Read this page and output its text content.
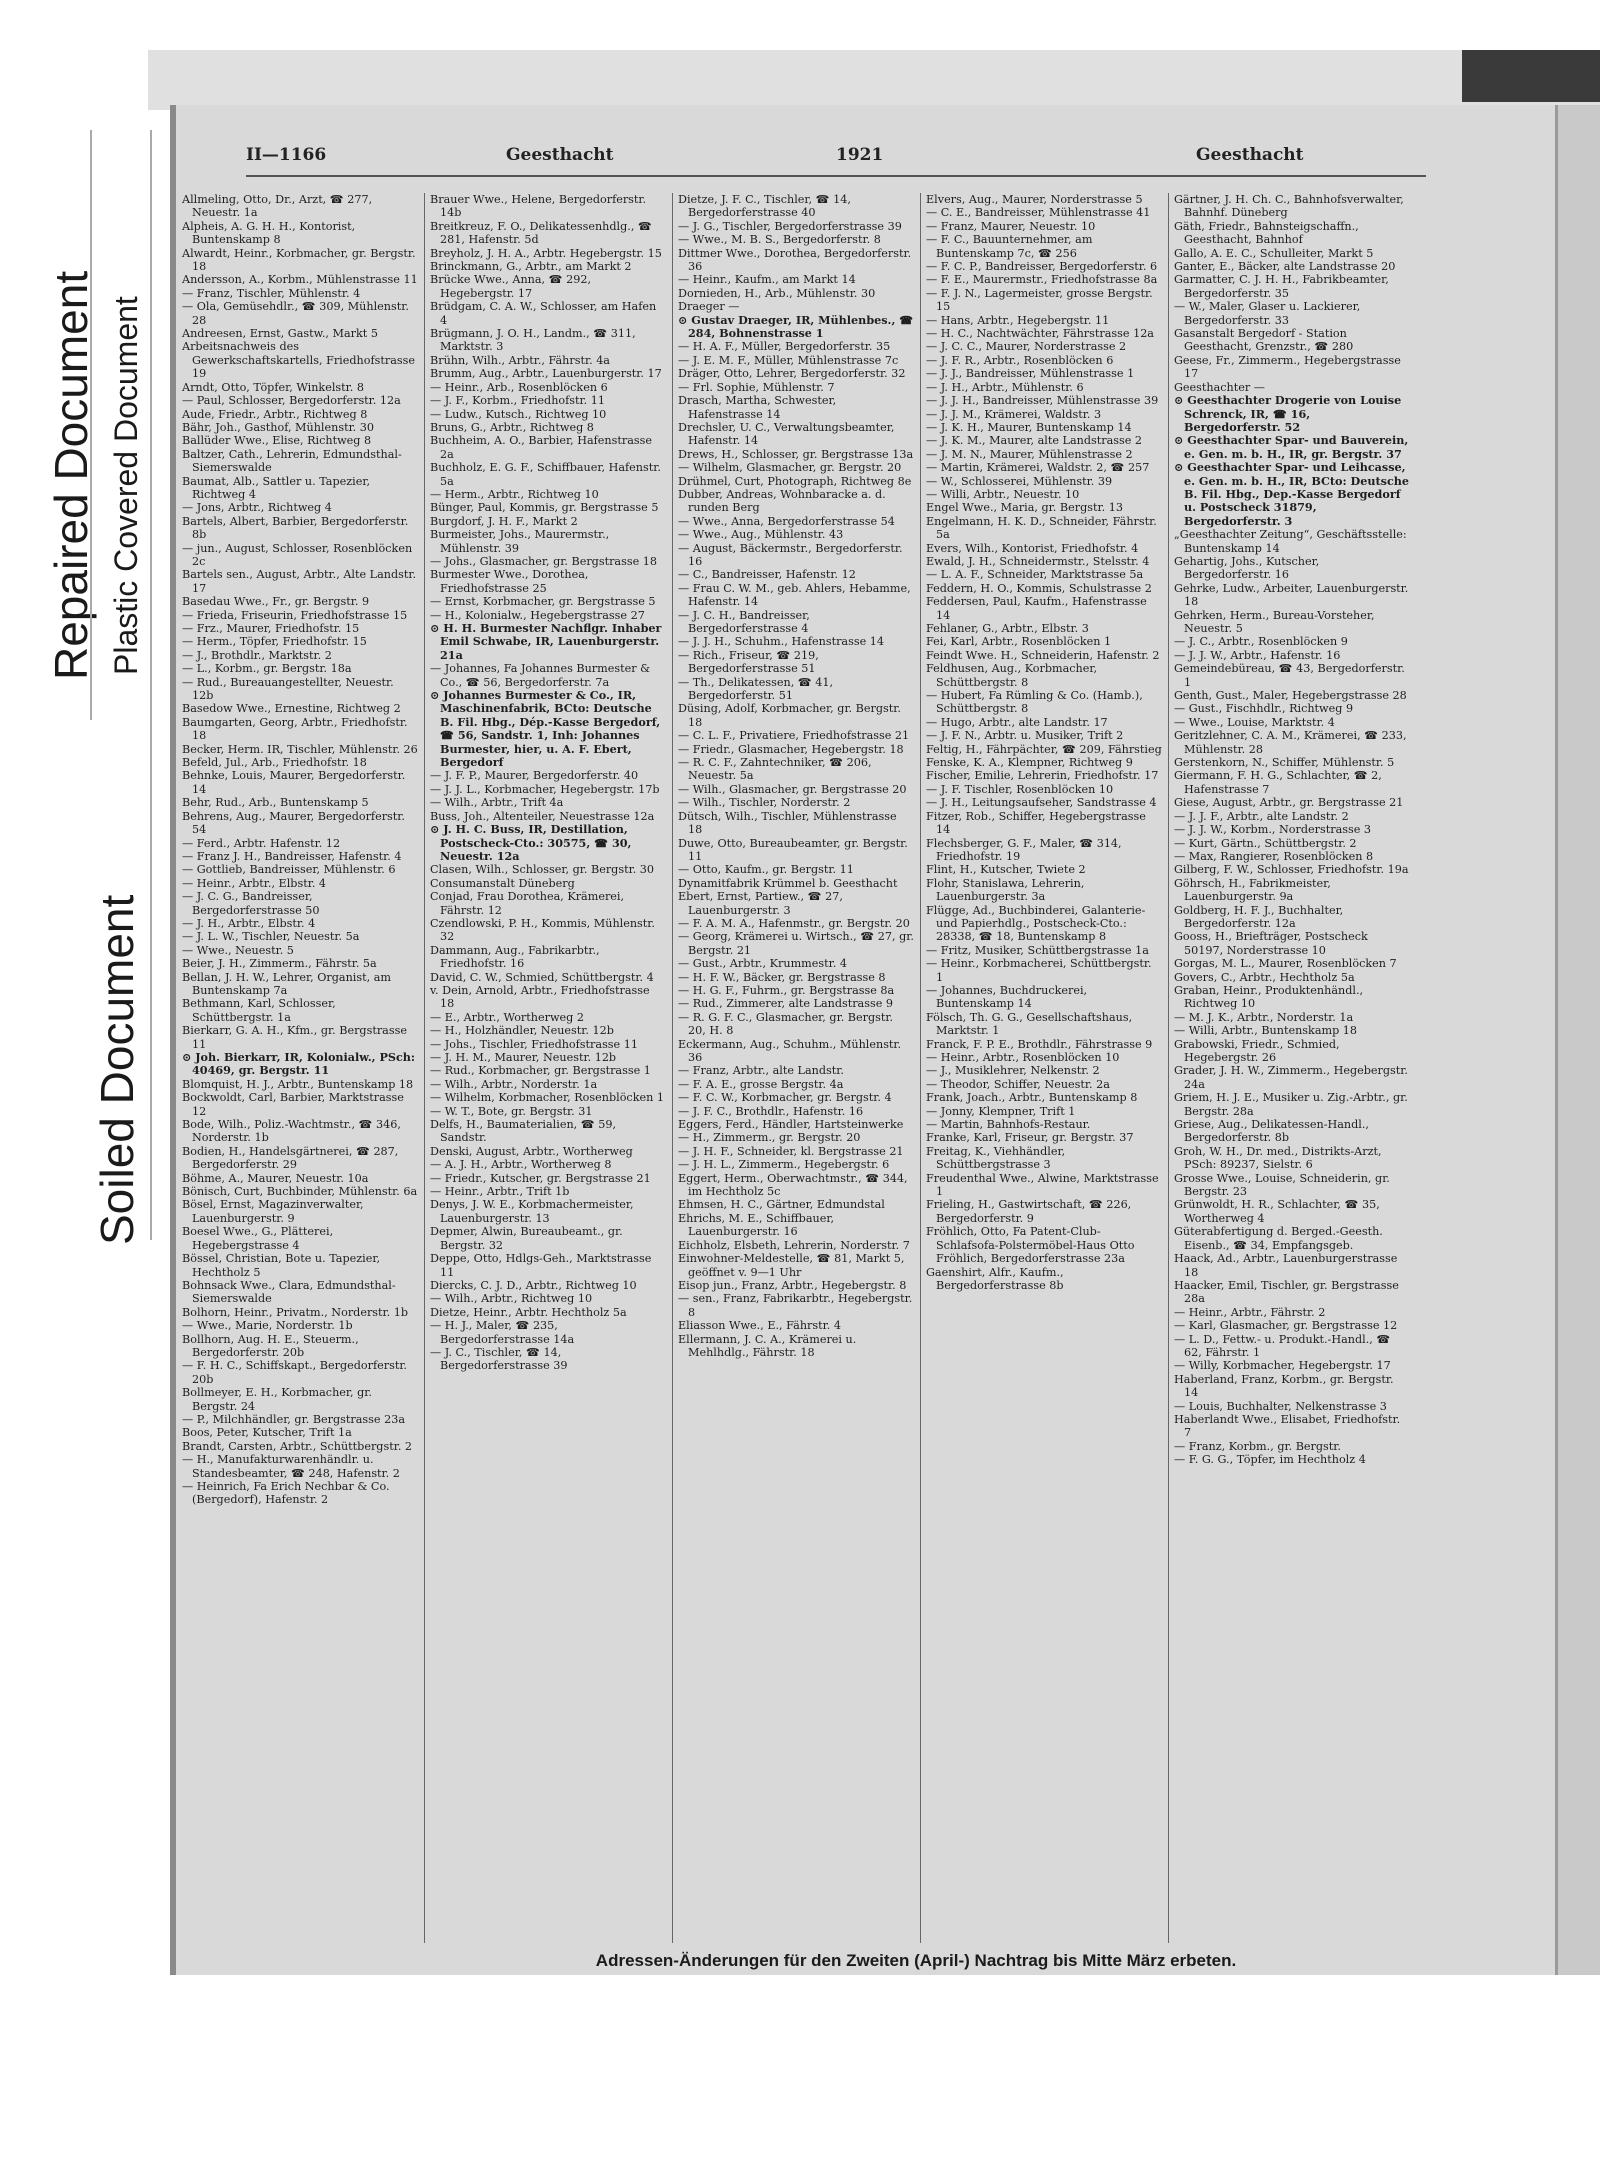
Repaired Document Plastic Covered Document
Soiled Document
II—1166	Geesthacht	1921	Geesthacht

Allmeling, Otto, Dr., Arzt, ☎ 277, Neuestr. 1a

Alpheis, A. G. H. H., Kontorist, Buntenskamp 8

Alwardt, Heinr., Korbmacher, gr. Bergstr. 18

Andersson, A., Korbm., Mühlenstrasse 11

— Franz, Tischler, Mühlenstr. 4

— Ola, Gemüsehdlr., ☎ 309, Mühlenstr. 28

Andreesen, Ernst, Gastw., Markt 5

Arbeitsnachweis des Gewerkschaftskartells, Friedhofstrasse 19

Arndt, Otto, Töpfer, Winkelstr. 8

— Paul, Schlosser, Bergedorferstr. 12a

Aude, Friedr., Arbtr., Richtweg 8

Bähr, Joh., Gasthof, Mühlenstr. 30

Ballüder Wwe., Elise, Richtweg 8

Baltzer, Cath., Lehrerin, Edmundsthal-Siemerswalde

Baumat, Alb., Sattler u. Tapezier, Richtweg 4

— Jons, Arbtr., Richtweg 4

Bartels, Albert, Barbier, Bergedorferstr. 8b

— jun., August, Schlosser, Rosenblöcken 2c

Bartels sen., August, Arbtr., Alte Landstr. 17

Basedau Wwe., Fr., gr. Bergstr. 9

— Frieda, Friseurin, Friedhofstrasse 15

— Frz., Maurer, Friedhofstr. 15

— Herm., Töpfer, Friedhofstr. 15

— J., Brothdlr., Marktstr. 2

— L., Korbm., gr. Bergstr. 18a

— Rud., Bureauangestellter, Neuestr. 12b

Basedow Wwe., Ernestine, Richtweg 2

Baumgarten, Georg, Arbtr., Friedhofstr. 18

Becker, Herm. IR, Tischler, Mühlenstr. 26

Befeld, Jul., Arb., Friedhofstr. 18

Behnke, Louis, Maurer, Bergedorferstr. 14

Behr, Rud., Arb., Buntenskamp 5

Behrens, Aug., Maurer, Bergedorferstr. 54

— Ferd., Arbtr. Hafenstr. 12

— Franz J. H., Bandreisser, Hafenstr. 4

— Gottlieb, Bandreisser, Mühlenstr. 6

— Heinr., Arbtr., Elbstr. 4

— J. C. G., Bandreisser, Bergedorferstrasse 50

— J. H., Arbtr., Elbstr. 4

— J. L. W., Tischler, Neuestr. 5a

— Wwe., Neuestr. 5

Beier, J. H., Zimmerm., Fährstr. 5a

Bellan, J. H. W., Lehrer, Organist, am Buntenskamp 7a

Bethmann, Karl, Schlosser, Schüttbergstr. 1a

Bierkarr, G. A. H., Kfm., gr. Bergstrasse 11

⊙ Joh. Bierkarr, IR, Kolonialw., PSch: 40469, gr. Bergstr. 11

Blomquist, H. J., Arbtr., Buntenskamp 18

Bockwoldt, Carl, Barbier, Marktstrasse 12

Bode, Wilh., Poliz.-Wachtmstr., ☎ 346, Norderstr. 1b

Bodien, H., Handelsgärtnerei, ☎ 287, Bergedorferstr. 29

Böhme, A., Maurer, Neuestr. 10a

Bönisch, Curt, Buchbinder, Mühlenstr. 6a

Bösel, Ernst, Magazinverwalter, Lauenburgerstr. 9

Boesel Wwe., G., Plätterei, Hegebergstrasse 4

Bössel, Christian, Bote u. Tapezier, Hechtholz 5

Bohnsack Wwe., Clara, Edmundsthal-Siemerswalde

Bolhorn, Heinr., Privatm., Norderstr. 1b

— Wwe., Marie, Norderstr. 1b

Bollhorn, Aug. H. E., Steuerm., Bergedorferstr. 20b

— F. H. C., Schiffskapt., Bergedorferstr. 20b

Bollmeyer, E. H., Korbmacher, gr. Bergstr. 24

— P., Milchhändler, gr. Bergstrasse 23a

Boos, Peter, Kutscher, Trift 1a

Brandt, Carsten, Arbtr., Schüttbergstr. 2

— H., Manufakturwarenhändlr. u. Standesbeamter, ☎ 248, Hafenstr. 2

— Heinrich, Fa Erich Nechbar & Co. (Bergedorf), Hafenstr. 2

Brauer Wwe., Helene, Bergedorferstr. 14b

Breitkreuz, F. O., Delikatessenhdlg., ☎ 281, Hafenstr. 5d

Breyholz, J. H. A., Arbtr. Hegebergstr. 15

Brinckmann, G., Arbtr., am Markt 2

Brücke Wwe., Anna, ☎ 292, Hegebergstr. 17

Brüdgam, C. A. W., Schlosser, am Hafen 4

Brügmann, J. O. H., Landm., ☎ 311, Marktstr. 3

Brühn, Wilh., Arbtr., Fährstr. 4a

Brumm, Aug., Arbtr., Lauenburgerstr. 17

— Heinr., Arb., Rosenblöcken 6

— J. F., Korbm., Friedhofstr. 11

— Ludw., Kutsch., Richtweg 10

Bruns, G., Arbtr., Richtweg 8

Buchheim, A. O., Barbier, Hafenstrasse 2a

Buchholz, E. G. F., Schiffbauer, Hafenstr. 5a

— Herm., Arbtr., Richtweg 10

Bünger, Paul, Kommis, gr. Bergstrasse 5

Burgdorf, J. H. F., Markt 2

Burmeister, Johs., Maurermstr., Mühlenstr. 39

— Johs., Glasmacher, gr. Bergstrasse 18

Burmester Wwe., Dorothea, Friedhofstrasse 25

— Ernst, Korbmacher, gr. Bergstrasse 5

— H., Kolonialw., Hegebergstrasse 27

⊙ H. H. Burmester Nachflgr. Inhaber Emil Schwabe, IR, Lauenburgerstr. 21a

— Johannes, Fa Johannes Burmester & Co., ☎ 56, Bergedorferstr. 7a

⊙ Johannes Burmester & Co., IR, Maschinenfabrik, BCto: Deutsche B. Fil. Hbg., Dép.-Kasse Bergedorf, ☎ 56, Sandstr. 1, Inh: Johannes Burmester, hier, u. A. F. Ebert, Bergedorf

— J. F. P., Maurer, Bergedorferstr. 40

— J. J. L., Korbmacher, Hegebergstr. 17b

— Wilh., Arbtr., Trift 4a

Buss, Joh., Altenteiler, Neuestrasse 12a

⊙ J. H. C. Buss, IR, Destillation, Postscheck-Cto.: 30575, ☎ 30, Neuestr. 12a

Clasen, Wilh., Schlosser, gr. Bergstr. 30

Consumanstalt Düneberg

Conjad, Frau Dorothea, Krämerei, Fährstr. 12

Czendlowski, P. H., Kommis, Mühlenstr. 32

Dammann, Aug., Fabrikarbtr., Friedhofstr. 16

David, C. W., Schmied, Schüttbergstr. 4

v. Dein, Arnold, Arbtr., Friedhofstrasse 18

— E., Arbtr., Wortherweg 2

— H., Holzhändler, Neuestr. 12b

— Johs., Tischler, Friedhofstrasse 11

— J. H. M., Maurer, Neuestr. 12b

— Rud., Korbmacher, gr. Bergstrasse 1

— Wilh., Arbtr., Norderstr. 1a

— Wilhelm, Korbmacher, Rosenblöcken 1

— W. T., Bote, gr. Bergstr. 31

Delfs, H., Baumaterialien, ☎ 59, Sandstr.

Denski, August, Arbtr., Wortherweg

— A. J. H., Arbtr., Wortherweg 8

— Friedr., Kutscher, gr. Bergstrasse 21

— Heinr., Arbtr., Trift 1b

Denys, J. W. E., Korbmachermeister, Lauenburgerstr. 13

Depmer, Alwin, Bureaubeamt., gr. Bergstr. 32

Deppe, Otto, Hdlgs-Geh., Marktstrasse 11

Diercks, C. J. D., Arbtr., Richtweg 10

— Wilh., Arbtr., Richtweg 10

Dietze, Heinr., Arbtr. Hechtholz 5a

— H. J., Maler, ☎ 235, Bergedorferstrasse 14a

— J. C., Tischler, ☎ 14, Bergedorferstrasse 39

Dietze, J. F. C., Tischler, ☎ 14, Bergedorferstrasse 40

— J. G., Tischler, Bergedorferstrasse 39

— Wwe., M. B. S., Bergedorferstr. 8

Dittmer Wwe., Dorothea, Bergedorferstr. 36

— Heinr., Kaufm., am Markt 14

Dornieden, H., Arb., Mühlenstr. 30

Draeger —

⊙ Gustav Draeger, IR, Mühlenbes., ☎ 284, Bohnenstrasse 1

— H. A. F., Müller, Bergedorferstr. 35

— J. E. M. F., Müller, Mühlenstrasse 7c

Dräger, Otto, Lehrer, Bergedorferstr. 32

— Frl. Sophie, Mühlenstr. 7

Drasch, Martha, Schwester, Hafenstrasse 14

Drechsler, U. C., Verwaltungsbeamter, Hafenstr. 14

Drews, H., Schlosser, gr. Bergstrasse 13a

— Wilhelm, Glasmacher, gr. Bergstr. 20

Drühmel, Curt, Photograph, Richtweg 8e

Dubber, Andreas, Wohnbaracke a. d. runden Berg

— Wwe., Anna, Bergedorferstrasse 54

— Wwe., Aug., Mühlenstr. 43

— August, Bäckermstr., Bergedorferstr. 16

— C., Bandreisser, Hafenstr. 12

— Frau C. W. M., geb. Ahlers, Hebamme, Hafenstr. 14

— J. C. H., Bandreisser, Bergedorferstrasse 4

— J. J. H., Schuhm., Hafenstrasse 14

— Rich., Friseur, ☎ 219, Bergedorferstrasse 51

— Th., Delikatessen, ☎ 41, Bergedorferstr. 51

Düsing, Adolf, Korbmacher, gr. Bergstr. 18

— C. L. F., Privatiere, Friedhofstrasse 21

— Friedr., Glasmacher, Hegebergstr. 18

— R. C. F., Zahntechniker, ☎ 206, Neuestr. 5a

— Wilh., Glasmacher, gr. Bergstrasse 20

— Wilh., Tischler, Norderstr. 2

Dütsch, Wilh., Tischler, Mühlenstrasse 18

Duwe, Otto, Bureaubeamter, gr. Bergstr. 11

— Otto, Kaufm., gr. Bergstr. 11

Dynamitfabrik Krümmel b. Geesthacht

Ebert, Ernst, Partiew., ☎ 27, Lauenburgerstr. 3

— F. A. M. A., Hafenmstr., gr. Bergstr. 20

— Georg, Krämerei u. Wirtsch., ☎ 27, gr. Bergstr. 21

— Gust., Arbtr., Krummestr. 4

— H. F. W., Bäcker, gr. Bergstrasse 8

— H. G. F., Fuhrm., gr. Bergstrasse 8a

— Rud., Zimmerer, alte Landstrasse 9

— R. G. F. C., Glasmacher, gr. Bergstr. 20, H. 8

Eckermann, Aug., Schuhm., Mühlenstr. 36

— Franz, Arbtr., alte Landstr.

— F. A. E., grosse Bergstr. 4a

— F. C. W., Korbmacher, gr. Bergstr. 4

— J. F. C., Brothdlr., Hafenstr. 16

Eggers, Ferd., Händler, Hartsteinwerke

— H., Zimmerm., gr. Bergstr. 20

— J. H. F., Schneider, kl. Bergstrasse 21

— J. H. L., Zimmerm., Hegebergstr. 6

Eggert, Herm., Oberwachtmstr., ☎ 344, im Hechtholz 5c

Ehmsen, H. C., Gärtner, Edmundstal

Ehrichs, M. E., Schiffbauer, Lauenburgerstr. 16

Eichholz, Elsbeth, Lehrerin, Norderstr. 7

Einwohner-Meldestelle, ☎ 81, Markt 5, geöffnet v. 9—1 Uhr

Eisop jun., Franz, Arbtr., Hegebergstr. 8

— sen., Franz, Fabrikarbtr., Hegebergstr. 8

Eliasson Wwe., E., Fährstr. 4

Ellermann, J. C. A., Krämerei u. Mehlhdlg., Fährstr. 18

Elvers, Aug., Maurer, Norderstrasse 5

— C. E., Bandreisser, Mühlenstrasse 41

— Franz, Maurer, Neuestr. 10

— F. C., Bauunternehmer, am Buntenskamp 7c, ☎ 256

— F. C. P., Bandreisser, Bergedorferstr. 6

— F. E., Maurermstr., Friedhofstrasse 8a

— F. J. N., Lagermeister, grosse Bergstr. 15

— Hans, Arbtr., Hegebergstr. 11

— H. C., Nachtwächter, Fährstrasse 12a

— J. C. C., Maurer, Norderstrasse 2

— J. F. R., Arbtr., Rosenblöcken 6

— J. J., Bandreisser, Mühlenstrasse 1

— J. H., Arbtr., Mühlenstr. 6

— J. J. H., Bandreisser, Mühlenstrasse 39

— J. J. M., Krämerei, Waldstr. 3

— J. K. H., Maurer, Buntenskamp 14

— J. K. M., Maurer, alte Landstrasse 2

— J. M. N., Maurer, Mühlenstrasse 2

— Martin, Krämerei, Waldstr. 2, ☎ 257

— W., Schlosserei, Mühlenstr. 39

— Willi, Arbtr., Neuestr. 10

Engel Wwe., Maria, gr. Bergstr. 13

Engelmann, H. K. D., Schneider, Fährstr. 5a

Evers, Wilh., Kontorist, Friedhofstr. 4

Ewald, J. H., Schneidermstr., Stelsstr. 4

— L. A. F., Schneider, Marktstrasse 5a

Feddern, H. O., Kommis, Schulstrasse 2

Feddersen, Paul, Kaufm., Hafenstrasse 14

Fehlaner, G., Arbtr., Elbstr. 3

Fei, Karl, Arbtr., Rosenblöcken 1

Feindt Wwe. H., Schneiderin, Hafenstr. 2

Feldhusen, Aug., Korbmacher, Schüttbergstr. 8

— Hubert, Fa Rümling & Co. (Hamb.), Schüttbergstr. 8

— Hugo, Arbtr., alte Landstr. 17

— J. F. N., Arbtr. u. Musiker, Trift 2

Feltig, H., Fährpächter, ☎ 209, Fährstieg

Fenske, K. A., Klempner, Richtweg 9

Fischer, Emilie, Lehrerin, Friedhofstr. 17

— J. F. Tischler, Rosenblöcken 10

— J. H., Leitungsaufseher, Sandstrasse 4

Fitzer, Rob., Schiffer, Hegebergstrasse 14

Flechsberger, G. F., Maler, ☎ 314, Friedhofstr. 19

Flint, H., Kutscher, Twiete 2

Flohr, Stanislawa, Lehrerin, Lauenburgerstr. 3a

Flügge, Ad., Buchbinderei, Galanterie- und Papierhdlg., Postscheck-Cto.: 28338, ☎ 18, Buntenskamp 8

— Fritz, Musiker, Schüttbergstrasse 1a

— Heinr., Korbmacherei, Schüttbergstr. 1

— Johannes, Buchdruckerei, Buntenskamp 14

Fölsch, Th. G. G., Gesellschaftshaus, Marktstr. 1

Franck, F. P. E., Brothdlr., Fährstrasse 9

— Heinr., Arbtr., Rosenblöcken 10

— J., Musiklehrer, Nelkenstr. 2

— Theodor, Schiffer, Neuestr. 2a

Frank, Joach., Arbtr., Buntenskamp 8

— Jonny, Klempner, Trift 1

— Martin, Bahnhofs-Restaur.

Franke, Karl, Friseur, gr. Bergstr. 37

Freitag, K., Viehhändler, Schüttbergstrasse 3

Freudenthal Wwe., Alwine, Marktstrasse 1

Frieling, H., Gastwirtschaft, ☎ 226, Bergedorferstr. 9

Fröhlich, Otto, Fa Patent-Club-Schlafsofa-Polstermöbel-Haus Otto Fröhlich, Bergedorferstrasse 23a

Gaenshirt, Alfr., Kaufm., Bergedorferstrasse 8b

Gärtner, J. H. Ch. C., Bahnhofsverwalter, Bahnhf. Düneberg

Gäth, Friedr., Bahnsteigschaffn., Geesthacht, Bahnhof

Gallo, A. E. C., Schulleiter, Markt 5

Ganter, E., Bäcker, alte Landstrasse 20

Garmatter, C. J. H. H., Fabrikbeamter, Bergedorferstr. 35

— W., Maler, Glaser u. Lackierer, Bergedorferstr. 33

Gasanstalt Bergedorf - Station Geesthacht, Grenzstr., ☎ 280

Geese, Fr., Zimmerm., Hegebergstrasse 17

Geesthachter —

⊙ Geesthachter Drogerie von Louise Schrenck, IR, ☎ 16, Bergedorferstr. 52

⊙ Geesthachter Spar- und Bauverein, e. Gen. m. b. H., IR, gr. Bergstr. 37

⊙ Geesthachter Spar- und Leihcasse, e. Gen. m. b. H., IR, BCto: Deutsche B. Fil. Hbg., Dep.-Kasse Bergedorf u. Postscheck 31879, Bergedorferstr. 3

„Geesthachter Zeitung“, Geschäftsstelle: Buntenskamp 14

Gehartig, Johs., Kutscher, Bergedorferstr. 16

Gehrke, Ludw., Arbeiter, Lauenburgerstr. 18

Gehrken, Herm., Bureau-Vorsteher, Neuestr. 5

— J. C., Arbtr., Rosenblöcken 9

— J. J. W., Arbtr., Hafenstr. 16

Gemeindebüreau, ☎ 43, Bergedorferstr. 1

Genth, Gust., Maler, Hegebergstrasse 28

— Gust., Fischhdlr., Richtweg 9

— Wwe., Louise, Marktstr. 4

Geritzlehner, C. A. M., Krämerei, ☎ 233, Mühlenstr. 28

Gerstenkorn, N., Schiffer, Mühlenstr. 5

Giermann, F. H. G., Schlachter, ☎ 2, Hafenstrasse 7

Giese, August, Arbtr., gr. Bergstrasse 21

— J. J. F., Arbtr., alte Landstr. 2

— J. J. W., Korbm., Norderstrasse 3

— Kurt, Gärtn., Schüttbergstr. 2

— Max, Rangierer, Rosenblöcken 8

Gilberg, F. W., Schlosser, Friedhofstr. 19a

Göhrsch, H., Fabrikmeister, Lauenburgerstr. 9a

Goldberg, H. F. J., Buchhalter, Bergedorferstr. 12a

Gooss, H., Briefträger, Postscheck 50197, Norderstrasse 10

Gorgas, M. L., Maurer, Rosenblöcken 7

Govers, C., Arbtr., Hechtholz 5a

Graban, Heinr., Produktenhändl., Richtweg 10

— M. J. K., Arbtr., Norderstr. 1a

— Willi, Arbtr., Buntenskamp 18

Grabowski, Friedr., Schmied, Hegebergstr. 26

Grader, J. H. W., Zimmerm., Hegebergstr. 24a

Griem, H. J. E., Musiker u. Zig.-Arbtr., gr. Bergstr. 28a

Griese, Aug., Delikatessen-Handl., Bergedorferstr. 8b

Groh, W. H., Dr. med., Distrikts-Arzt, PSch: 89237, Sielstr. 6

Grosse Wwe., Louise, Schneiderin, gr. Bergstr. 23

Grünwoldt, H. R., Schlachter, ☎ 35, Wortherweg 4

Güterabfertigung d. Berged.-Geesth. Eisenb., ☎ 34, Empfangsgeb.

Haack, Ad., Arbtr., Lauenburgerstrasse 18

Haacker, Emil, Tischler, gr. Bergstrasse 28a

— Heinr., Arbtr., Fährstr. 2

— Karl, Glasmacher, gr. Bergstrasse 12

— L. D., Fettw.- u. Produkt.-Handl., ☎ 62, Fährstr. 1

— Willy, Korbmacher, Hegebergstr. 17

Haberland, Franz, Korbm., gr. Bergstr. 14

— Louis, Buchhalter, Nelkenstrasse 3

Haberlandt Wwe., Elisabet, Friedhofstr. 7

— Franz, Korbm., gr. Bergstr.

— F. G. G., Töpfer, im Hechtholz 4

Adressen-Änderungen für den Zweiten (April-) Nachtrag bis Mitte März erbeten.
